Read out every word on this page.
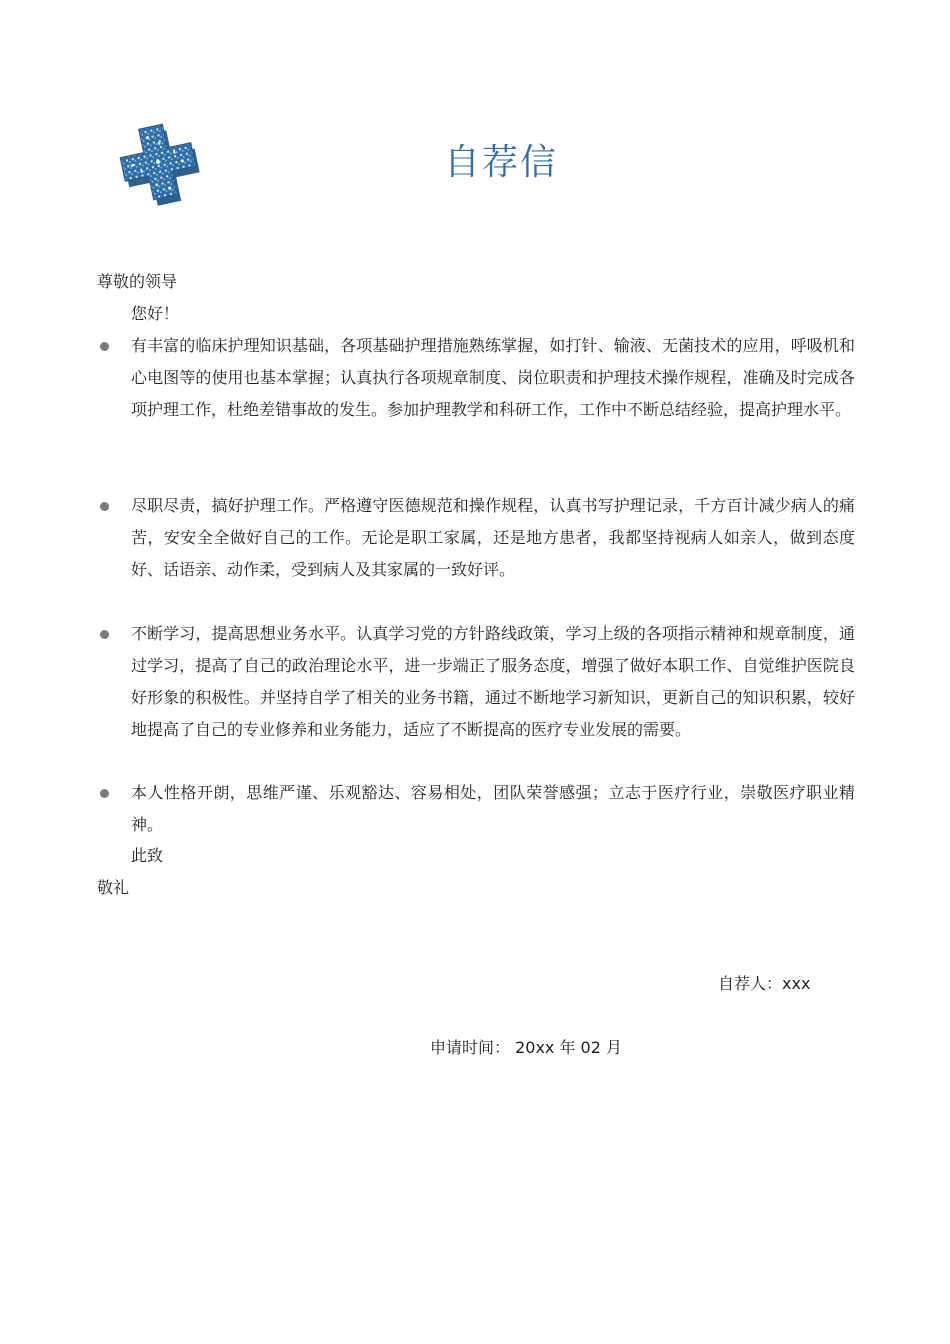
自荐信
尊敬的领导
您好！
有丰富的临床护理知识基础，各项基础护理措施熟练掌握，如打针、输液、无菌技术的应用，呼吸机和心电图等的使用也基本掌握；认真执行各项规章制度、岗位职责和护理技术操作规程，准确及时完成各项护理工作，杜绝差错事故的发生。参加护理教学和科研工作，工作中不断总结经验，提高护理水平。
尽职尽责，搞好护理工作。严格遵守医德规范和操作规程，认真书写护理记录，千方百计减少病人的痛苦，安安全全做好自己的工作。无论是职工家属，还是地方患者，我都坚持视病人如亲人，做到态度好、话语亲、动作柔，受到病人及其家属的一致好评。
不断学习，提高思想业务水平。认真学习党的方针路线政策，学习上级的各项指示精神和规章制度，通过学习，提高了自己的政治理论水平，进一步端正了服务态度，增强了做好本职工作、自觉维护医院良好形象的积极性。并坚持自学了相关的业务书籍，通过不断地学习新知识，更新自己的知识积累，较好地提高了自己的专业修养和业务能力，适应了不断提高的医疗专业发展的需要。
本人性格开朗，思维严谨、乐观豁达、容易相处，团队荣誉感强；立志于医疗行业，崇敬医疗职业精神。
此致
敬礼
自荐人：xxx
申请时间： 20xx 年 02 月
